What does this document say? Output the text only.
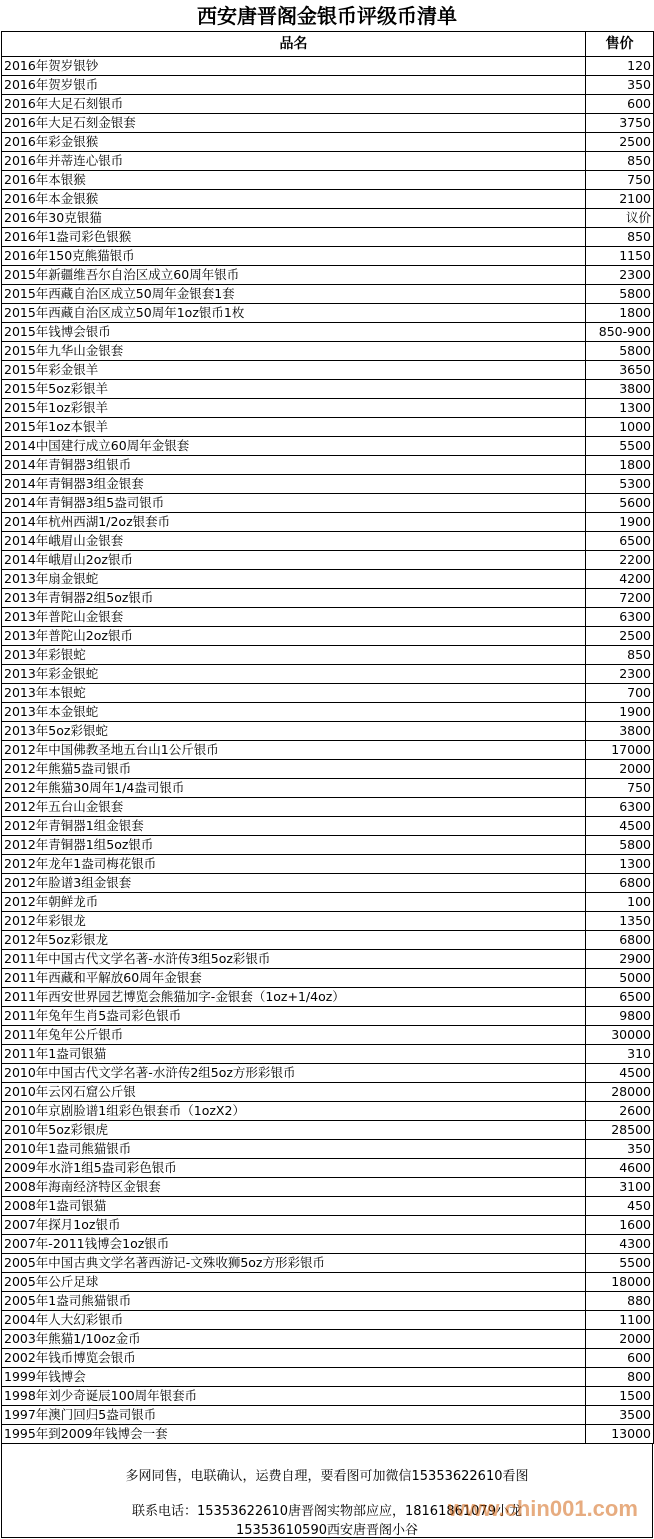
西安唐晋阁金银币评级币清单
品名	售价
2016年贺岁银钞	120
2016年贺岁银币	350
2016年大足石刻银币	600
2016年大足石刻金银套	3750
2016年彩金银猴	2500
2016年并蒂连心银币	850
2016年本银猴	750
2016年本金银猴	2100
2016年30克银猫	议价
2016年1盎司彩色银猴	850
2016年150克熊猫银币	1150
2015年新疆维吾尔自治区成立60周年银币	2300
2015年西藏自治区成立50周年金银套1套	5800
2015年西藏自治区成立50周年1oz银币1枚	1800
2015年钱博会银币	850-900
2015年九华山金银套	5800
2015年彩金银羊	3650
2015年5oz彩银羊	3800
2015年1oz彩银羊	1300
2015年1oz本银羊	1000
2014中国建行成立60周年金银套	5500
2014年青铜器3组银币	1800
2014年青铜器3组金银套	5300
2014年青铜器3组5盎司银币	5600
2014年杭州西湖1/2oz银套币	1900
2014年峨眉山金银套	6500
2014年峨眉山2oz银币	2200
2013年扇金银蛇	4200
2013年青铜器2组5oz银币	7200
2013年普陀山金银套	6300
2013年普陀山2oz银币	2500
2013年彩银蛇	850
2013年彩金银蛇	2300
2013年本银蛇	700
2013年本金银蛇	1900
2013年5oz彩银蛇	3800
2012年中国佛教圣地五台山1公斤银币	17000
2012年熊猫5盎司银币	2000
2012年熊猫30周年1/4盎司银币	750
2012年五台山金银套	6300
2012年青铜器1组金银套	4500
2012年青铜器1组5oz银币	5800
2012年龙年1盎司梅花银币	1300
2012年脸谱3组金银套	6800
2012年朝鲜龙币	100
2012年彩银龙	1350
2012年5oz彩银龙	6800
2011年中国古代文学名著-水浒传3组5oz彩银币	2900
2011年西藏和平解放60周年金银套	5000
2011年西安世界园艺博览会熊猫加字-金银套（1oz+1/4oz）	6500
2011年兔年生肖5盎司彩色银币	9800
2011年兔年公斤银币	30000
2011年1盎司银猫	310
2010年中国古代文学名著-水浒传2组5oz方形彩银币	4500
2010年云冈石窟公斤银	28000
2010年京剧脸谱1组彩色银套币（1ozX2）	2600
2010年5oz彩银虎	28500
2010年1盎司熊猫银币	350
2009年水浒1组5盎司彩色银币	4600
2008年海南经济特区金银套	3100
2008年1盎司银猫	450
2007年探月1oz银币	1600
2007年-2011钱博会1oz银币	4300
2005年中国古典文学名著西游记-文殊收狮5oz方形彩银币	5500
2005年公斤足球	18000
2005年1盎司熊猫银币	880
2004年人大幻彩银币	1100
2003年熊猫1/10oz金币	2000
2002年钱币博览会银币	600
1999年钱博会	800
1998年刘少奇诞辰100周年银套币	1500
1997年澳门回归5盎司银币	3500
1995年到2009年钱博会一套	13000
多网同售，电联确认，运费自理，要看图可加微信15353622610看图
联系电话：15353622610唐晋阁实物部应应，18161861079小龙
15353610590西安唐晋阁小谷
www.chin001.com
